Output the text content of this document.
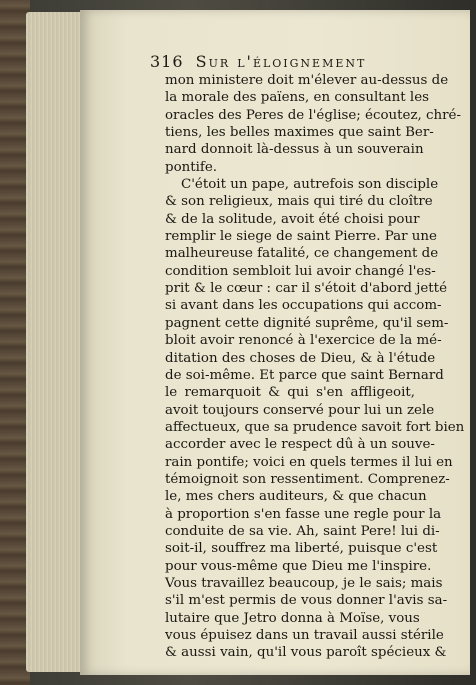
316 Sur l'éloignement
mon ministere doit m'élever au-dessus de
la morale des païens, en consultant les
oracles des Peres de l'église; écoutez, chré-
tiens, les belles maximes que saint Ber-
nard donnoit là-dessus à un souverain
pontife.
C'étoit un pape, autrefois son disciple
& son religieux, mais qui tiré du cloître
& de la solitude, avoit été choisi pour
remplir le siege de saint Pierre. Par une
malheureuse fatalité, ce changement de
condition sembloit lui avoir changé l'es-
prit & le cœur : car il s'étoit d'abord jetté
si avant dans les occupations qui accom-
pagnent cette dignité suprême, qu'il sem-
bloit avoir renoncé à l'exercice de la mé-
ditation des choses de Dieu, & à l'étude
de soi-même. Et parce que saint Bernard
le remarquoit & qui s'en affligeoit,
avoit toujours conservé pour lui un zele
affectueux, que sa prudence savoit fort bien
accorder avec le respect dû à un souve-
rain pontife; voici en quels termes il lui en
témoignoit son ressentiment. Comprenez-
le, mes chers auditeurs, & que chacun
à proportion s'en fasse une regle pour la
conduite de sa vie. Ah, saint Pere! lui di-
soit-il, souffrez ma liberté, puisque c'est
pour vous-même que Dieu me l'inspire.
Vous travaillez beaucoup, je le sais; mais
s'il m'est permis de vous donner l'avis sa-
lutaire que Jetro donna à Moïse, vous
vous épuisez dans un travail aussi stérile
& aussi vain, qu'il vous paroît spécieux &
